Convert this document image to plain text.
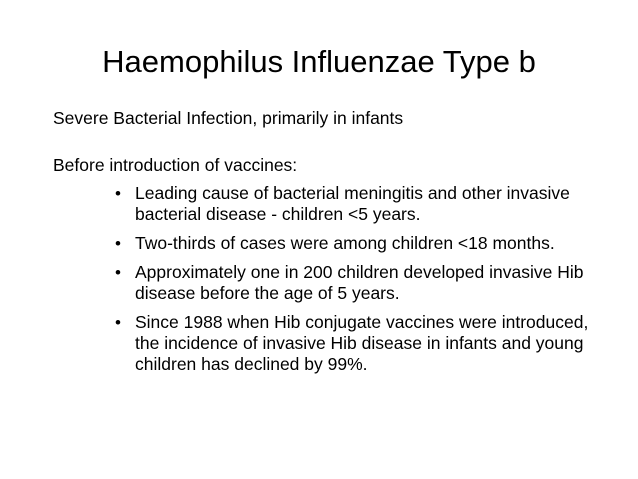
Haemophilus Influenzae Type b

Severe Bacterial Infection, primarily in infants

Before introduction of vaccines:

• Leading cause of bacterial meningitis and other invasive bacterial disease - children <5 years.
• Two-thirds of cases were among children <18 months.
• Approximately one in 200 children developed invasive Hib disease before the age of 5 years.
• Since 1988 when Hib conjugate vaccines were introduced, the incidence of invasive Hib disease in infants and young children has declined by 99%.
